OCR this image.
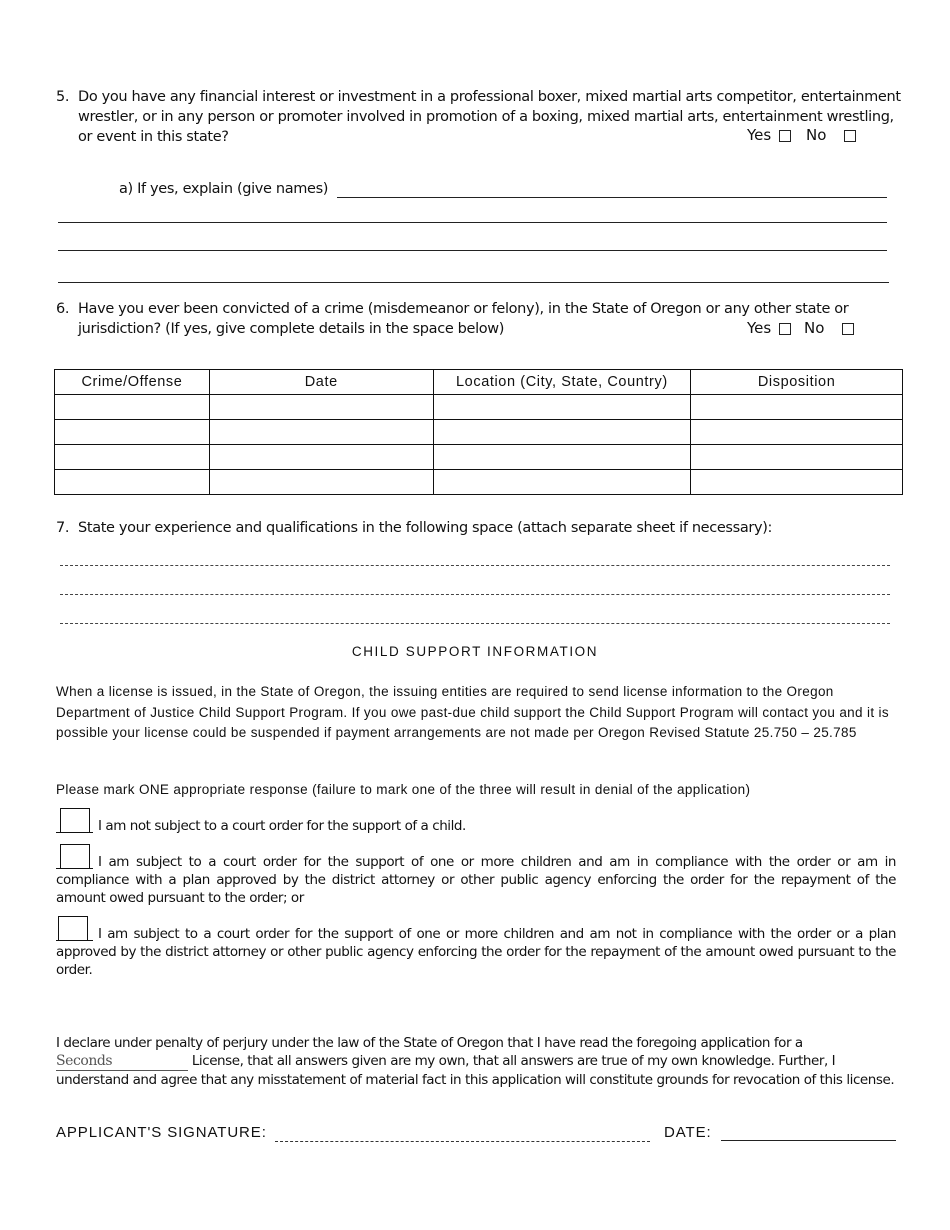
5. Do you have any financial interest or investment in a professional boxer, mixed martial arts competitor, entertainment
wrestler, or in any person or promoter involved in promotion of a boxing, mixed martial arts, entertainment wrestling,
or event in this state?	Yes No
a) If yes, explain (give names)
6. Have you ever been convicted of a crime (misdemeanor or felony), in the State of Oregon or any other state or
jurisdiction? (If yes, give complete details in the space below)	Yes No
Crime/Offense	Date	Location (City, State, Country)	Disposition

7. State your experience and qualifications in the following space (attach separate sheet if necessary):
CHILD SUPPORT INFORMATION
When a license is issued, in the State of Oregon, the issuing entities are required to send license information to the Oregon Department of Justice Child Support Program. If you owe past-due child support the Child Support Program will contact you and it is possible your license could be suspended if payment arrangements are not made per Oregon Revised Statute 25.750 – 25.785
Please mark ONE appropriate response (failure to mark one of the three will result in denial of the application)
I am not subject to a court order for the support of a child.
I am subject to a court order for the support of one or more children and am in compliance with the order or am in compliance with a plan approved by the district attorney or other public agency enforcing the order for the repayment of the amount owed pursuant to the order; or
I am subject to a court order for the support of one or more children and am not in compliance with the order or a plan approved by the district attorney or other public agency enforcing the order for the repayment of the amount owed pursuant to the order.
I declare under penalty of perjury under the law of the State of Oregon that I have read the foregoing application for a
Seconds	License, that all answers given are my own, that all answers are true of my own knowledge. Further, I understand and agree that any misstatement of material fact in this application will constitute grounds for revocation of this license.
APPLICANT'S SIGNATURE:	DATE:
